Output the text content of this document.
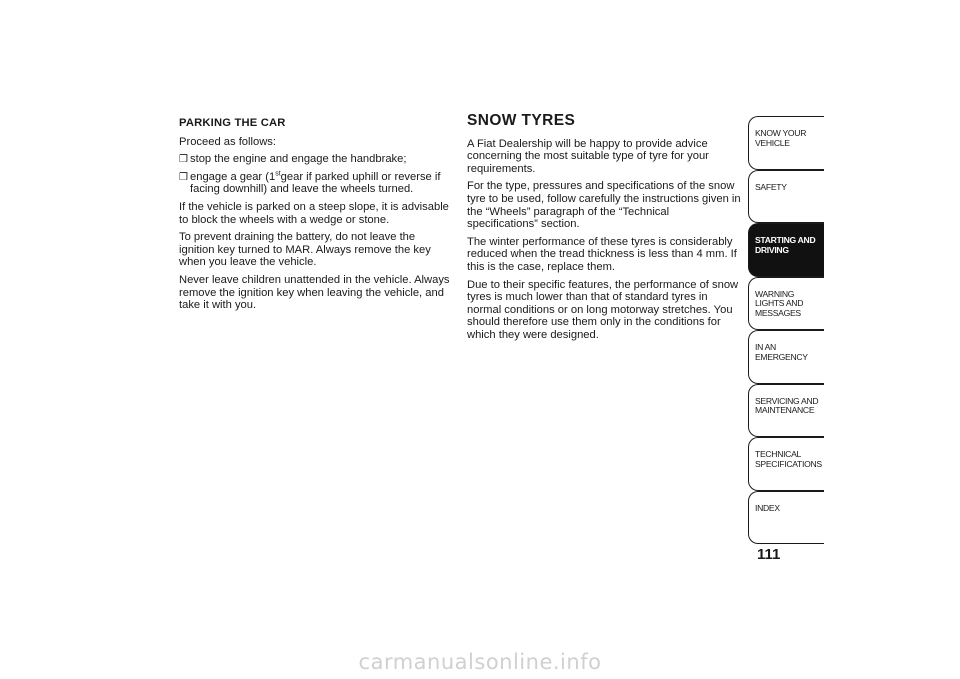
PARKING THE CAR

Proceed as follows:

❒ stop the engine and engage the handbrake;
❒ engage a gear (1stgear if parked uphill or reverse if facing downhill) and leave the wheels turned.

If the vehicle is parked on a steep slope, it is advisable to block the wheels with a wedge or stone.

To prevent draining the battery, do not leave the ignition key turned to MAR. Always remove the key when you leave the vehicle.

Never leave children unattended in the vehicle. Always remove the ignition key when leaving the vehicle, and take it with you.

SNOW TYRES

A Fiat Dealership will be happy to provide advice concerning the most suitable type of tyre for your requirements.

For the type, pressures and specifications of the snow tyre to be used, follow carefully the instructions given in the “Wheels” paragraph of the “Technical specifications” section.

The winter performance of these tyres is considerably reduced when the tread thickness is less than 4 mm. If this is the case, replace them.

Due to their specific features, the performance of snow tyres is much lower than that of standard tyres in normal conditions or on long motorway stretches. You should therefore use them only in the conditions for which they were designed.

KNOW YOUR VEHICLE
SAFETY
STARTING AND DRIVING
WARNING LIGHTS AND MESSAGES
IN AN EMERGENCY
SERVICING AND MAINTENANCE
TECHNICAL SPECIFICATIONS
INDEX
111
carmanualsonline.info
